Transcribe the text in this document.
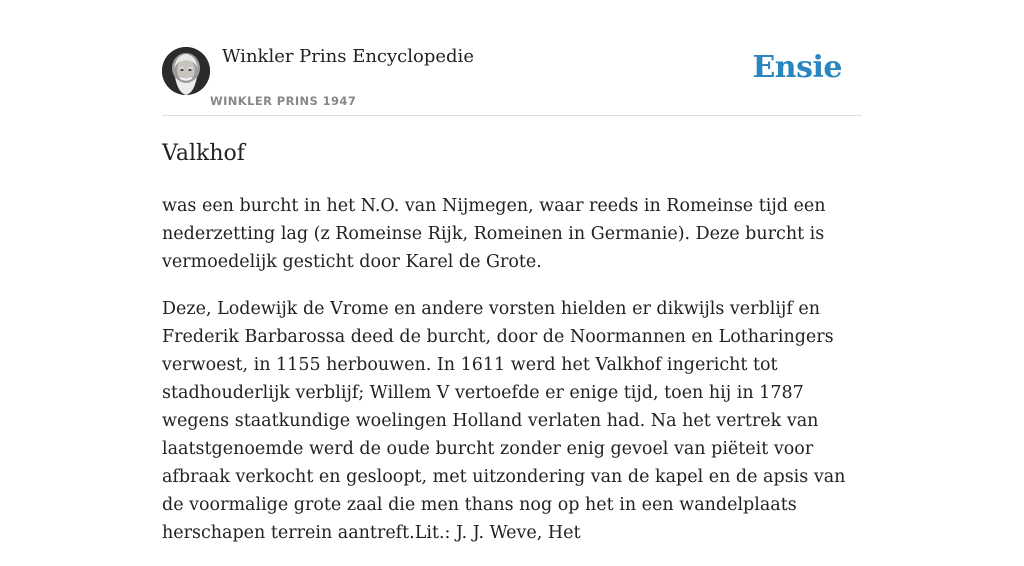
Winkler Prins Encyclopedie
WINKLER PRINS 1947
Ensie
Valkhof

was een burcht in het N.O. van Nijmegen, waar reeds in Romeinse tijd een nederzetting lag (z Romeinse Rijk, Romeinen in Germanie). Deze burcht is vermoedelijk gesticht door Karel de Grote.

Deze, Lodewijk de Vrome en andere vorsten hielden er dikwijls verblijf en Frederik Barbarossa deed de burcht, door de Noormannen en Lotharingers verwoest, in 1155 herbouwen. In 1611 werd het Valkhof ingericht tot stadhouderlijk verblijf; Willem V vertoefde er enige tijd, toen hij in 1787 wegens staatkundige woelingen Holland verlaten had. Na het vertrek van laatstgenoemde werd de oude burcht zonder enig gevoel van piëteit voor afbraak verkocht en gesloopt, met uitzondering van de kapel en de apsis van de voormalige grote zaal die men thans nog op het in een wandelplaats herschapen terrein aantreft.Lit.: J. J. Weve, Het
